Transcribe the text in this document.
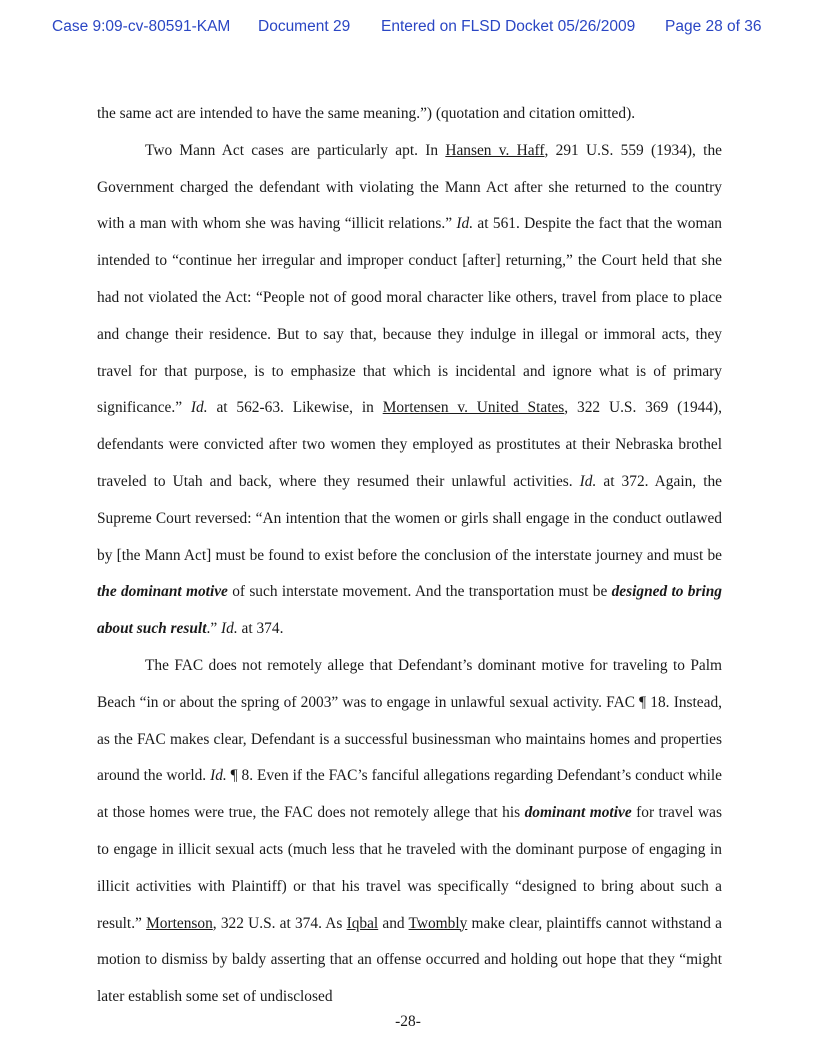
Case 9:09-cv-80591-KAM Document 29 Entered on FLSD Docket 05/26/2009 Page 28 of 36

the same act are intended to have the same meaning.”) (quotation and citation omitted).

Two Mann Act cases are particularly apt. In Hansen v. Haff, 291 U.S. 559 (1934), the Government charged the defendant with violating the Mann Act after she returned to the country with a man with whom she was having “illicit relations.” Id. at 561. Despite the fact that the woman intended to “continue her irregular and improper conduct [after] returning,” the Court held that she had not violated the Act: “People not of good moral character like others, travel from place to place and change their residence. But to say that, because they indulge in illegal or immoral acts, they travel for that purpose, is to emphasize that which is incidental and ignore what is of primary significance.” Id. at 562-63. Likewise, in Mortensen v. United States, 322 U.S. 369 (1944), defendants were convicted after two women they employed as prostitutes at their Nebraska brothel traveled to Utah and back, where they resumed their unlawful activities. Id. at 372. Again, the Supreme Court reversed: “An intention that the women or girls shall engage in the conduct outlawed by [the Mann Act] must be found to exist before the conclusion of the interstate journey and must be the dominant motive of such interstate movement. And the transportation must be designed to bring about such result.” Id. at 374.

The FAC does not remotely allege that Defendant’s dominant motive for traveling to Palm Beach “in or about the spring of 2003” was to engage in unlawful sexual activity. FAC ¶ 18. Instead, as the FAC makes clear, Defendant is a successful businessman who maintains homes and properties around the world. Id. ¶ 8. Even if the FAC’s fanciful allegations regarding Defendant’s conduct while at those homes were true, the FAC does not remotely allege that his dominant motive for travel was to engage in illicit sexual acts (much less that he traveled with the dominant purpose of engaging in illicit activities with Plaintiff) or that his travel was specifically “designed to bring about such a result.” Mortenson, 322 U.S. at 374. As Iqbal and Twombly make clear, plaintiffs cannot withstand a motion to dismiss by baldy asserting that an offense occurred and holding out hope that they “might later establish some set of undisclosed

-28-
